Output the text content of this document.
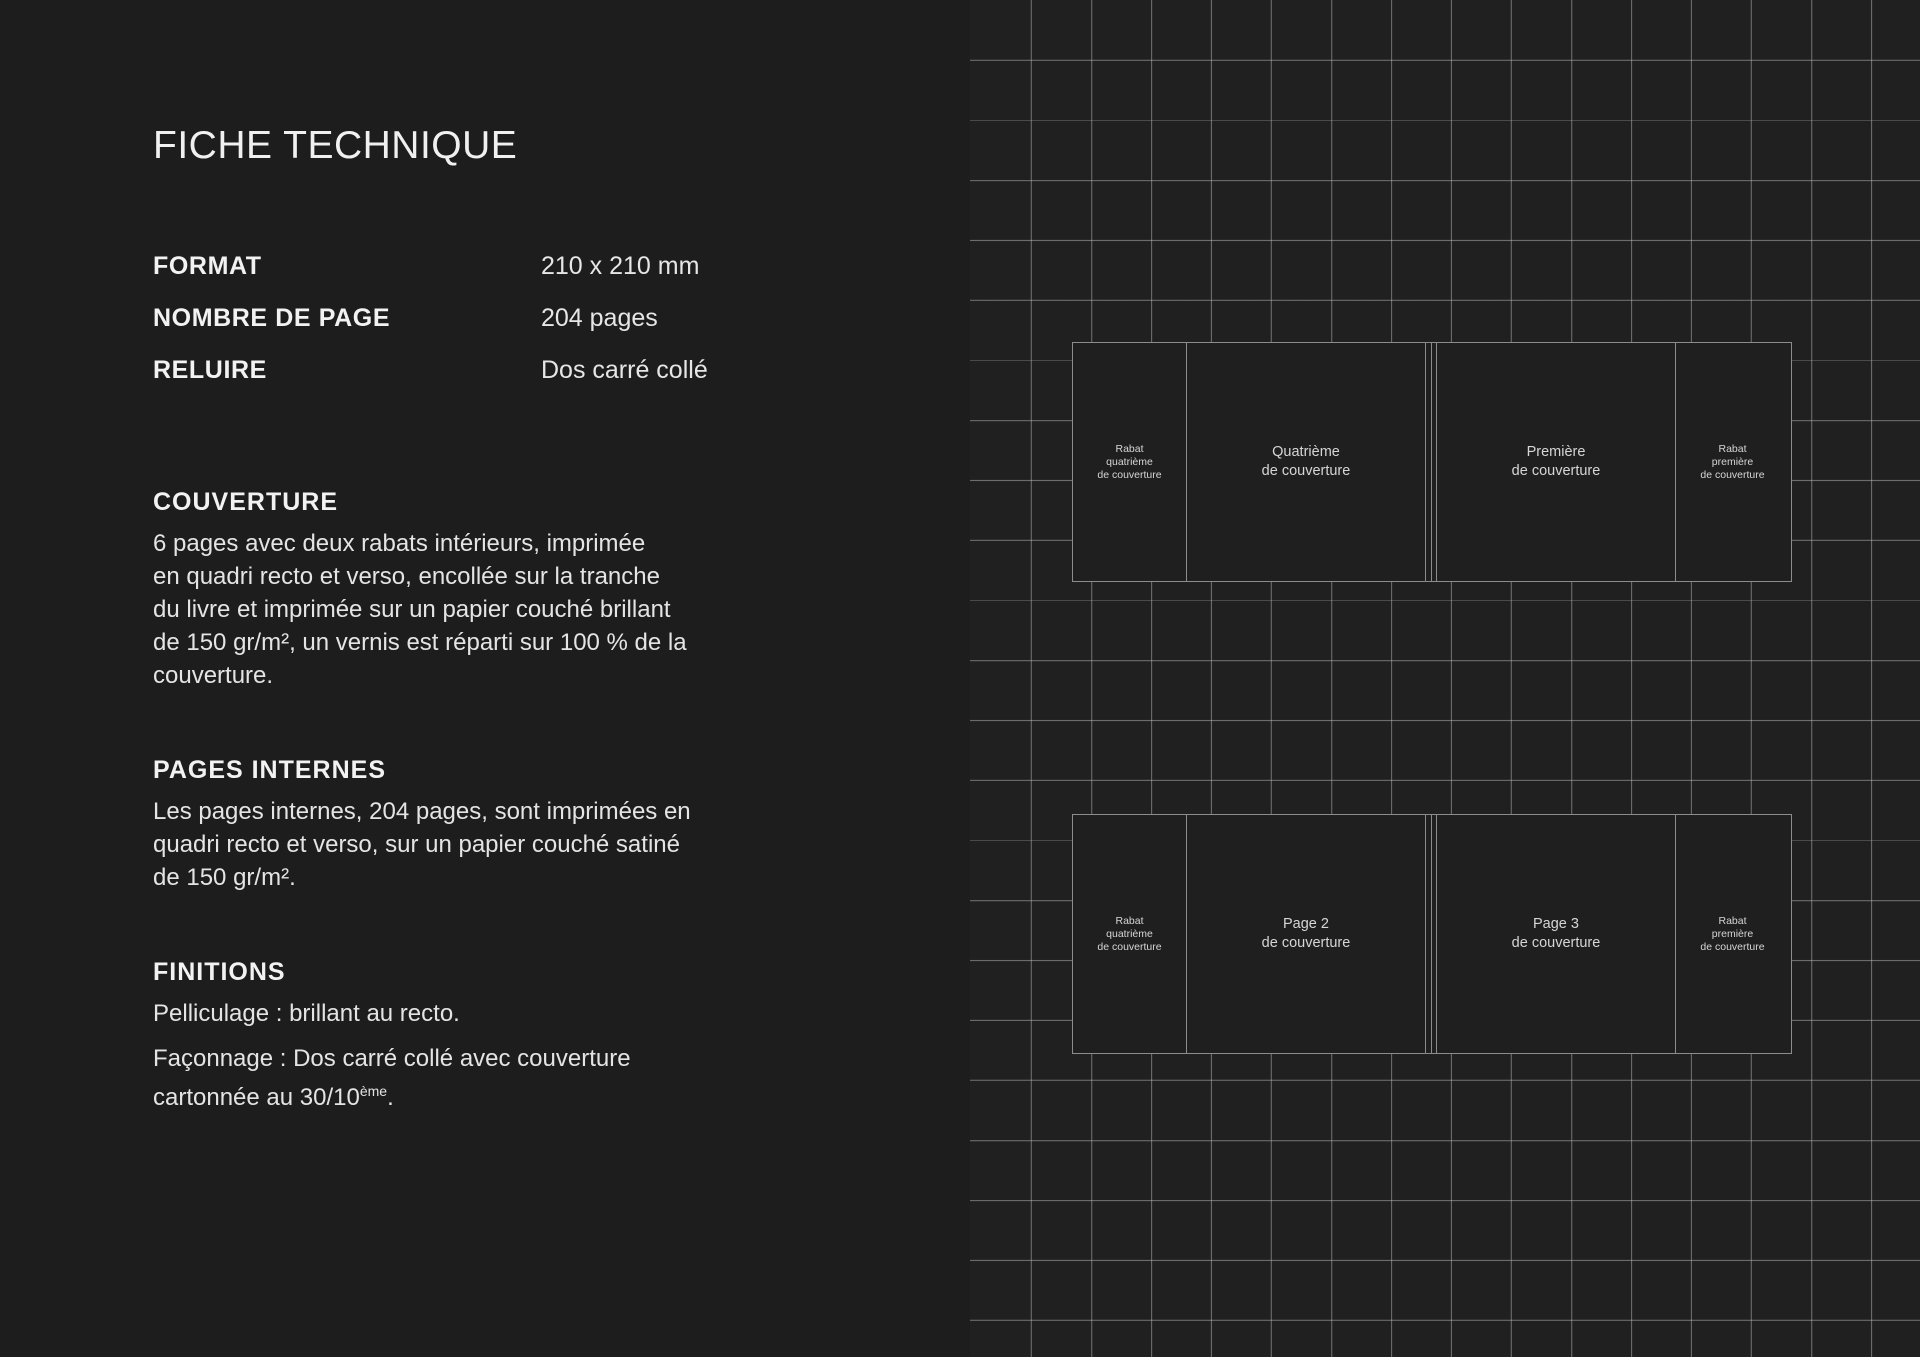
FICHE TECHNIQUE
FORMAT	210 x 210 mm
NOMBRE DE PAGE	204 pages
RELUIRE	Dos carré collé
COUVERTURE

6 pages avec deux rabats intérieurs, imprimée
en quadri recto et verso, encollée sur la tranche
du livre et imprimée sur un papier couché brillant
de 150 gr/m², un vernis est réparti sur 100 % de la
couverture.

PAGES INTERNES

Les pages internes, 204 pages, sont imprimées en
quadri recto et verso, sur un papier couché satiné
de 150 gr/m².

FINITIONS

Pelliculage : brillant au recto.

Façonnage : Dos carré collé avec couverture
cartonnée au 30/10ème.

Rabat
quatrième
de couverture
Quatrième
de couverture
Première
de couverture
Rabat
première
de couverture
Rabat
quatrième
de couverture
Page 2
de couverture
Page 3
de couverture
Rabat
première
de couverture
